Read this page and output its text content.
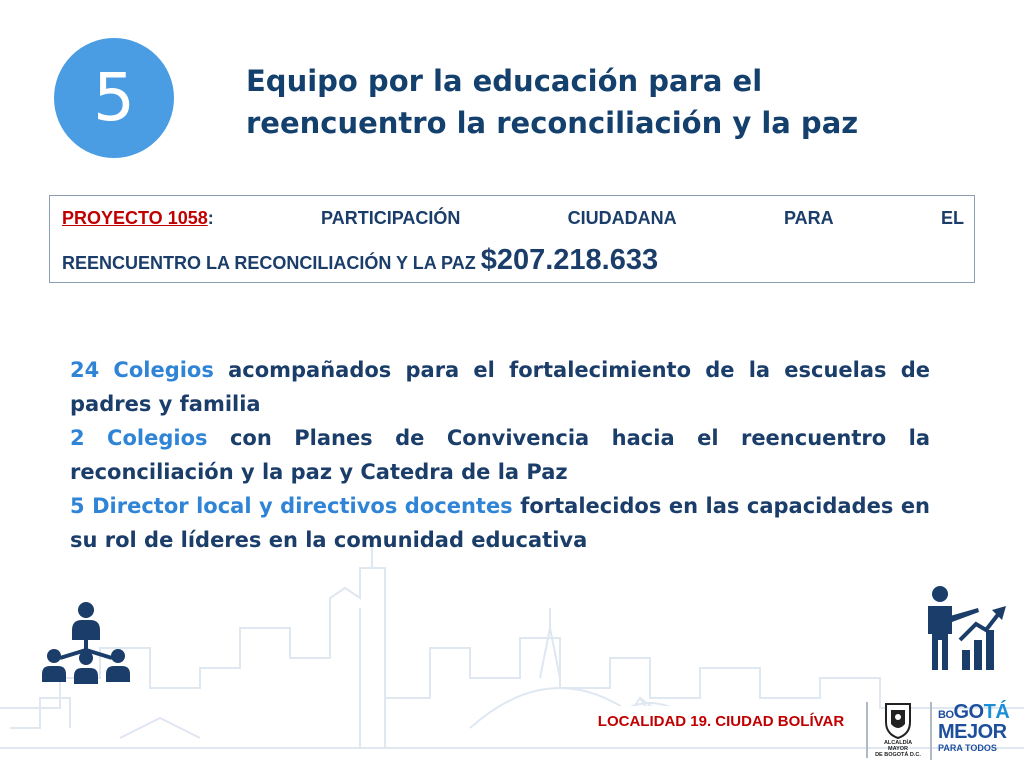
5	Equipo por la educación para el
reencuentro la reconciliación y la paz
PROYECTO 1058:	PARTICIPACIÓN	CIUDADANA	PARA	EL
REENCUENTRO LA RECONCILIACIÓN Y LA PAZ $207.218.633
24 Colegios acompañados para el fortalecimiento de la escuelas de padres y familia
2 Colegios con Planes de Convivencia hacia el reencuentro la reconciliación y la paz y Catedra de la Paz
5 Director local y directivos docentes fortalecidos en las capacidades en su rol de líderes en la comunidad educativa
LOCALIDAD 19. CIUDAD BOLÍVAR
ALCALDÍA MAYOR
DE BOGOTÁ D.C.
BOGOTÁ
MEJOR
PARA TODOS
